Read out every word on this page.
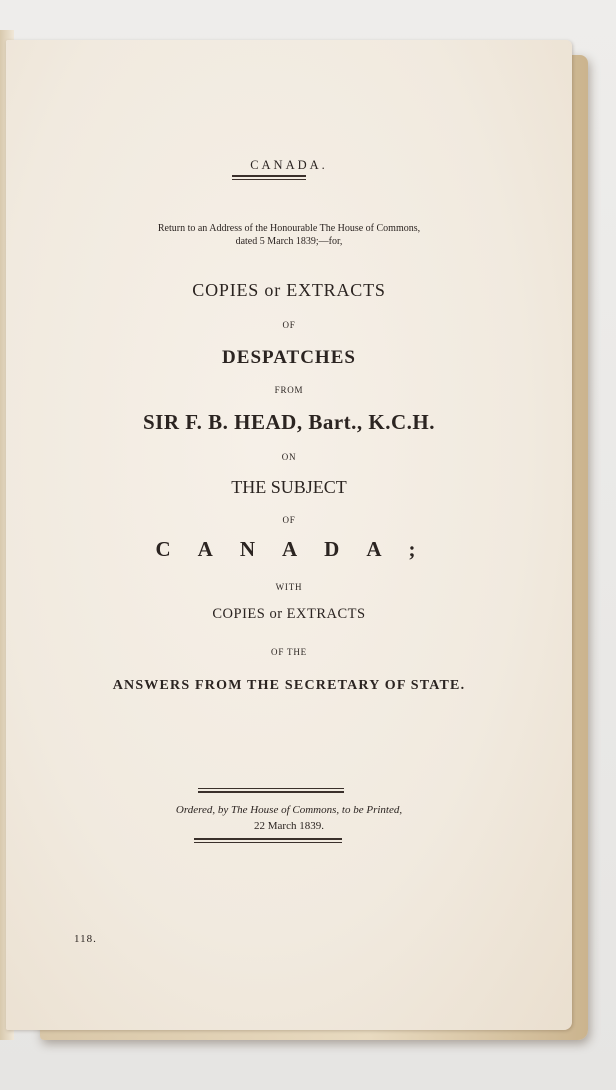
CANADA.

Return to an Address of the Honourable The House of Commons,
dated 5 March 1839;—for,

COPIES or EXTRACTS

OF

DESPATCHES

FROM

SIR F. B. HEAD, Bart., K.C.H.

ON

THE SUBJECT

OF

CANADA;

WITH

COPIES or EXTRACTS

OF THE

ANSWERS FROM THE SECRETARY OF STATE.

Ordered, by The House of Commons, to be Printed,
22 March 1839.

118.
